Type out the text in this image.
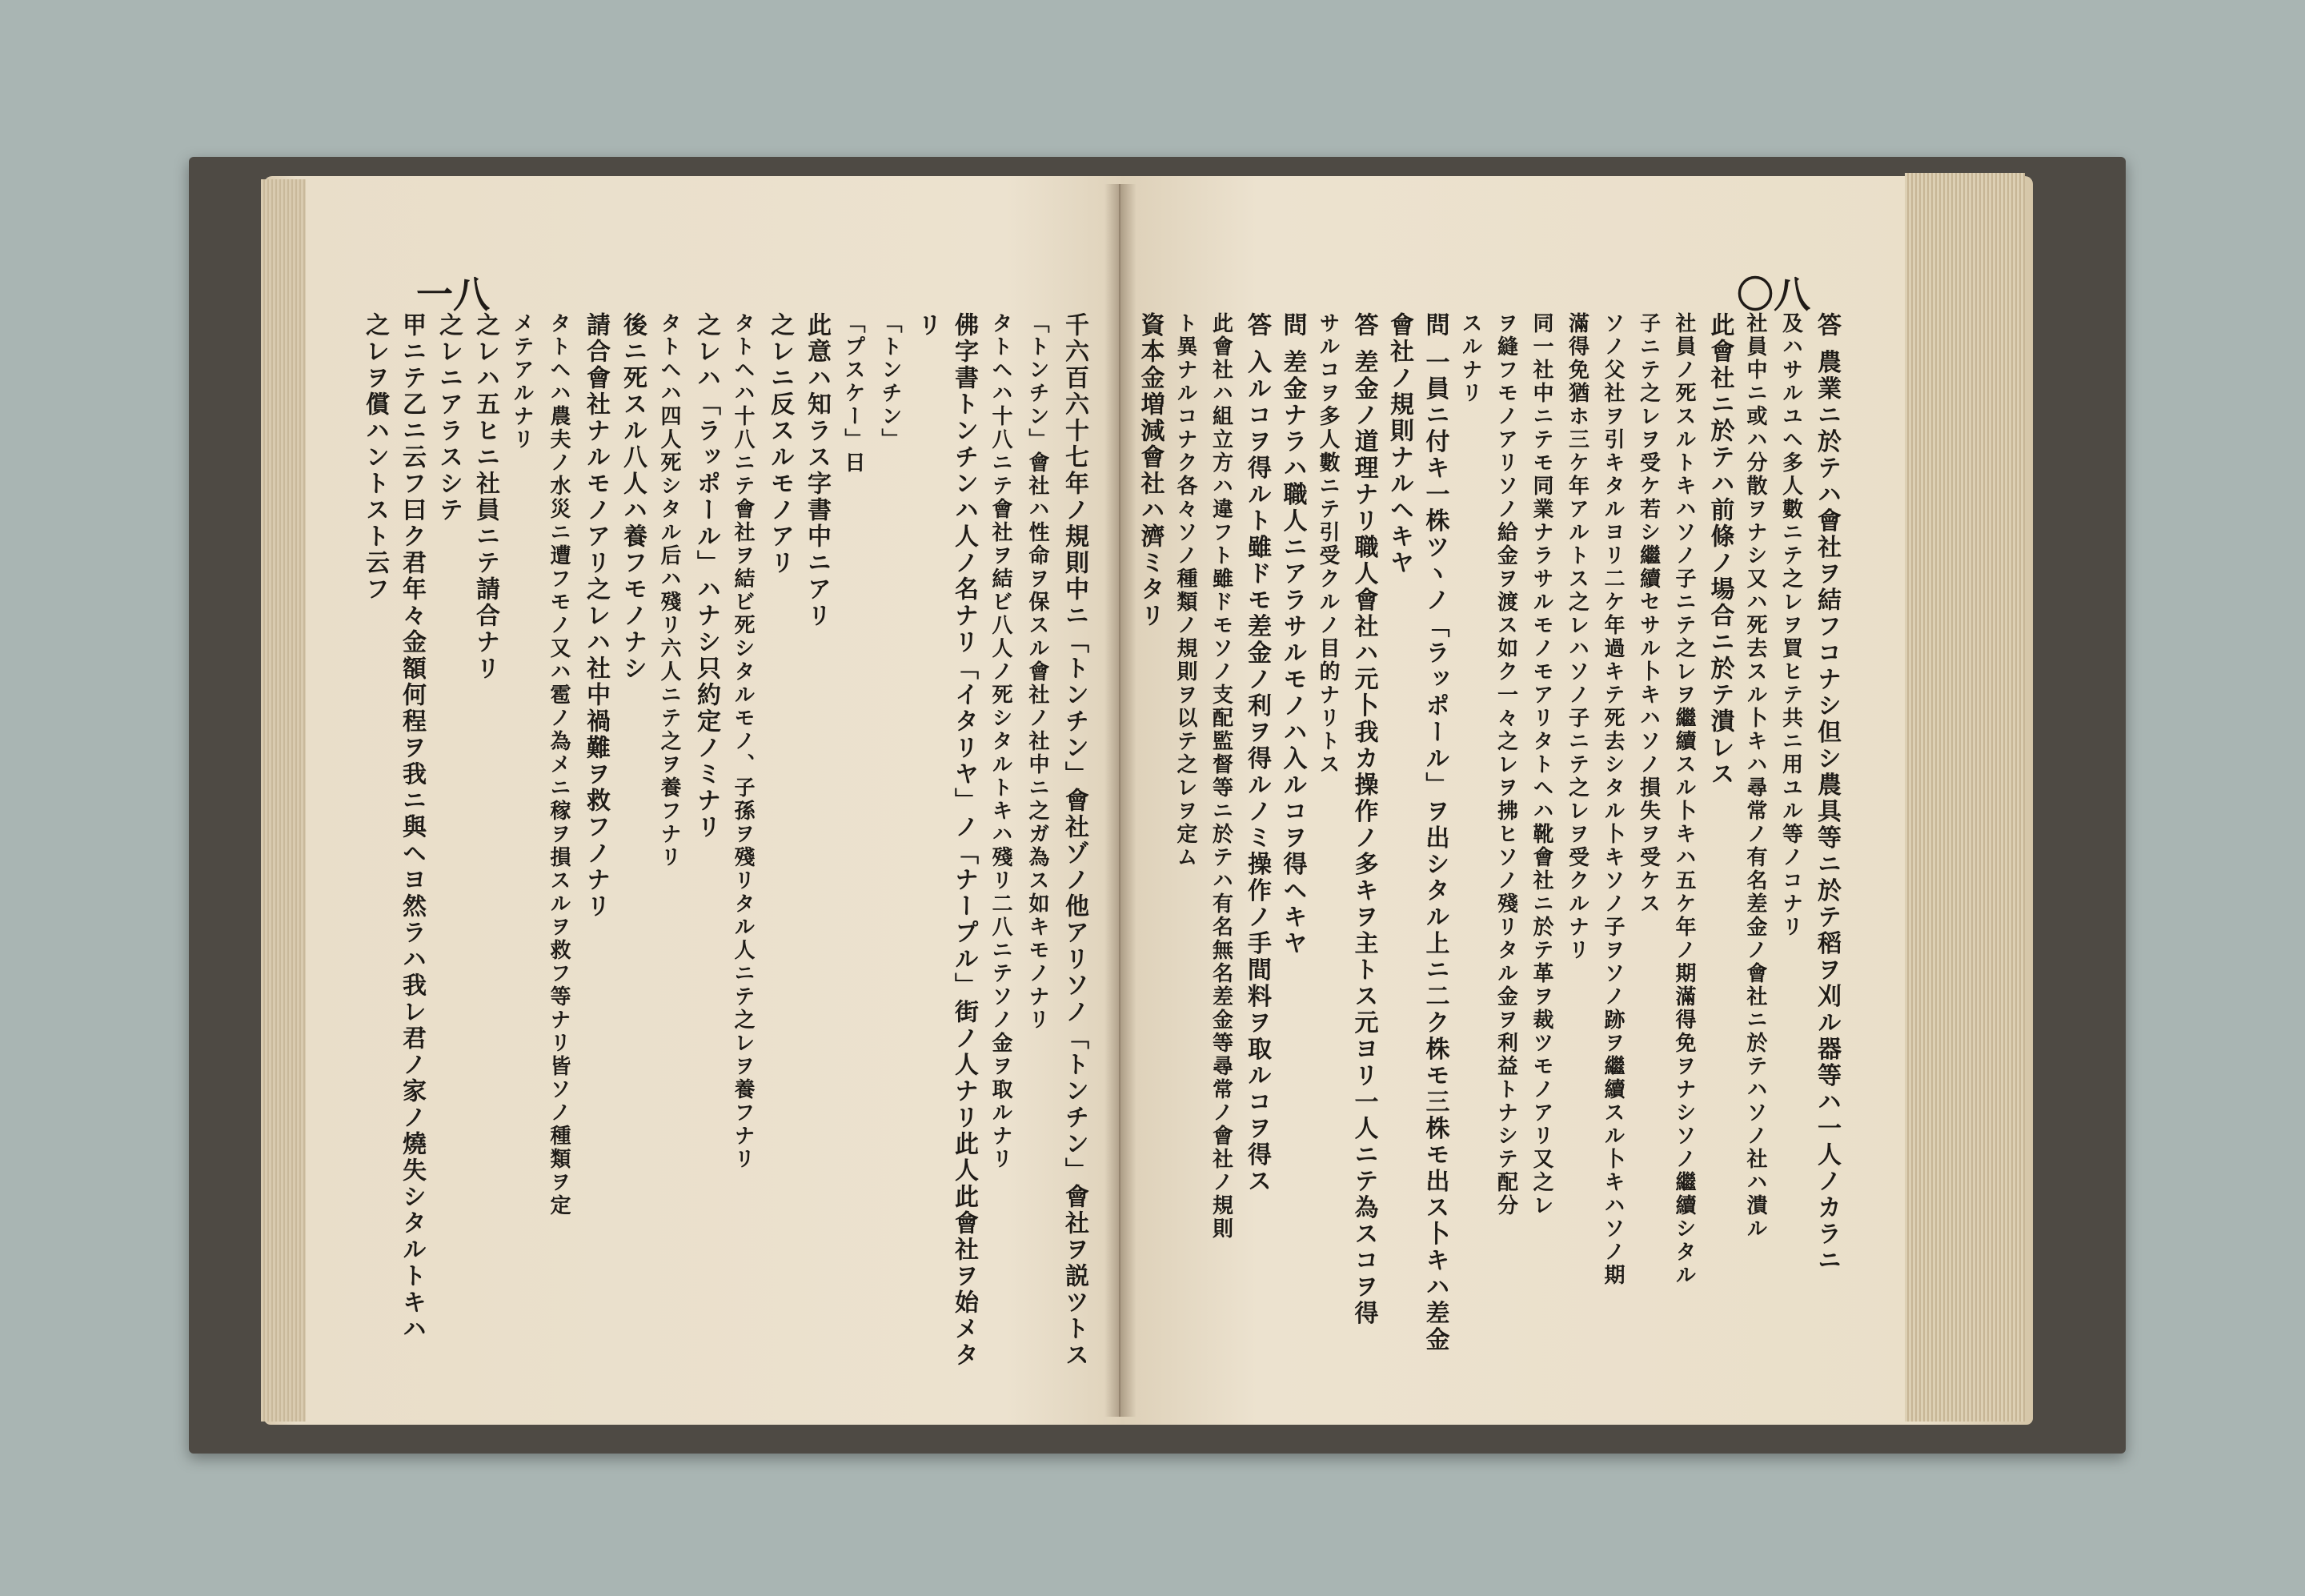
一八	〇八
千六百六十七年ノ規則中ニ「トンチン」會社ゾノ他アリソノ「トンチン」會社ヲ説ツトス
「トンチン」會社ハ性命ヲ保スル會社ノ社中ニ之ガ為ス如キモノナリ
タトヘハ十八ニテ會社ヲ結ビ八人ノ死シタルトキハ殘リ二八ニテソノ金ヲ取ルナリ
佛字書トンチンハ人ノ名ナリ「イタリヤ」ノ「ナープル」街ノ人ナリ此人此會社ヲ始メタ
リ
「トンチン」
「プスケー」日
此意ハ知ラス字書中ニアリ
之レニ反スルモノアリ
タトヘハ十八ニテ會社ヲ結ビ死シタルモノ、子孫ヲ殘リタル人ニテ之レヲ養フナリ
之レハ「ラッポール」ハナシ只約定ノミナリ
タトヘハ四人死シタル后ハ殘リ六人ニテ之ヲ養フナリ
後ニ死スル八人ハ養フモノナシ
請合會社ナルモノアリ之レハ社中禍難ヲ救フノナリ
タトヘハ農夫ノ水災ニ遭フモノ又ハ雹ノ為メニ稼ヲ損スルヲ救フ等ナリ皆ソノ種類ヲ定
メテアルナリ
之レハ五ヒニ社員ニテ請合ナリ
之レニアラスシテ
甲ニテ乙ニ云フ曰ク君年々金額何程ヲ我ニ與ヘヨ然ラハ我レ君ノ家ノ燒失シタルトキハ
之レヲ償ハントスト云フ	答 農業ニ於テハ會社ヲ結フコナシ但シ農具等ニ於テ稻ヲ刈ル器等ハ一人ノカラニ
及ハサルユヘ多人數ニテ之レヲ買ヒテ共ニ用ユル等ノコナリ
社員中ニ或ハ分散ヲナシ又ハ死去スル卜キハ尋常ノ有名差金ノ會社ニ於テハソノ社ハ潰ル
此會社ニ於テハ前條ノ場合ニ於テ潰レス
社員ノ死スルトキハソノ子ニテ之レヲ繼續スル卜キハ五ケ年ノ期滿得免ヲナシソノ繼續シタル
子ニテ之レヲ受ケ若シ繼續セサル卜キハソノ損失ヲ受ケス
ソノ父社ヲ引キタルヨリ二ケ年過キテ死去シタル卜キソノ子ヲソノ跡ヲ繼續スル卜キハソノ期
滿得免猶ホ三ケ年アルトス之レハソノ子ニテ之レヲ受クルナリ
同一社中ニテモ同業ナラサルモノモアリタトヘハ靴會社ニ於テ革ヲ裁ツモノアリ又之レ
ヲ縫フモノアリソノ給金ヲ渡ス如ク一々之レヲ拂ヒソノ殘リタル金ヲ利益トナシテ配分
スルナリ
問 一員ニ付キ一株ツヽノ「ラッポール」ヲ出シタル上ニ二ク株モ三株モ出ス卜キハ差金
會社ノ規則ナルヘキヤ
答 差金ノ道理ナリ職人會社ハ元卜我カ操作ノ多キヲ主トス元ヨリ一人ニテ為スコヲ得
サルコヲ多人數ニテ引受クルノ目的ナリトス
問 差金ナラハ職人ニアラサルモノハ入ルコヲ得ヘキヤ
答 入ルコヲ得ルト雖ドモ差金ノ利ヲ得ルノミ操作ノ手間料ヲ取ルコヲ得ス
此會社ハ組立方ハ違フト雖ドモソノ支配監督等ニ於テハ有名無名差金等尋常ノ會社ノ規則
ト異ナルコナク各々ソノ種類ノ規則ヲ以テ之レヲ定ム
資本金増減會社ハ濟ミタリ
